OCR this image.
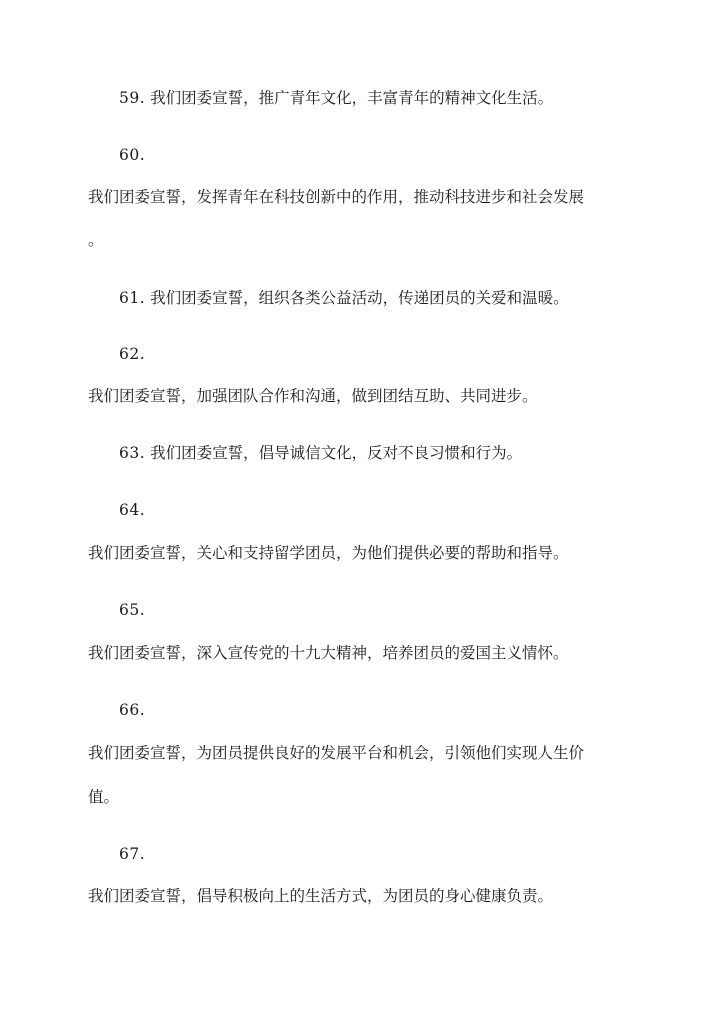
59. 我们团委宣誓，推广青年文化，丰富青年的精神文化生活。
60.
我们团委宣誓，发挥青年在科技创新中的作用，推动科技进步和社会发展
。
61. 我们团委宣誓，组织各类公益活动，传递团员的关爱和温暖。
62.
我们团委宣誓，加强团队合作和沟通，做到团结互助、共同进步。
63. 我们团委宣誓，倡导诚信文化，反对不良习惯和行为。
64.
我们团委宣誓，关心和支持留学团员，为他们提供必要的帮助和指导。
65.
我们团委宣誓，深入宣传党的十九大精神，培养团员的爱国主义情怀。
66.
我们团委宣誓，为团员提供良好的发展平台和机会，引领他们实现人生价
值。
67.
我们团委宣誓，倡导积极向上的生活方式，为团员的身心健康负责。
